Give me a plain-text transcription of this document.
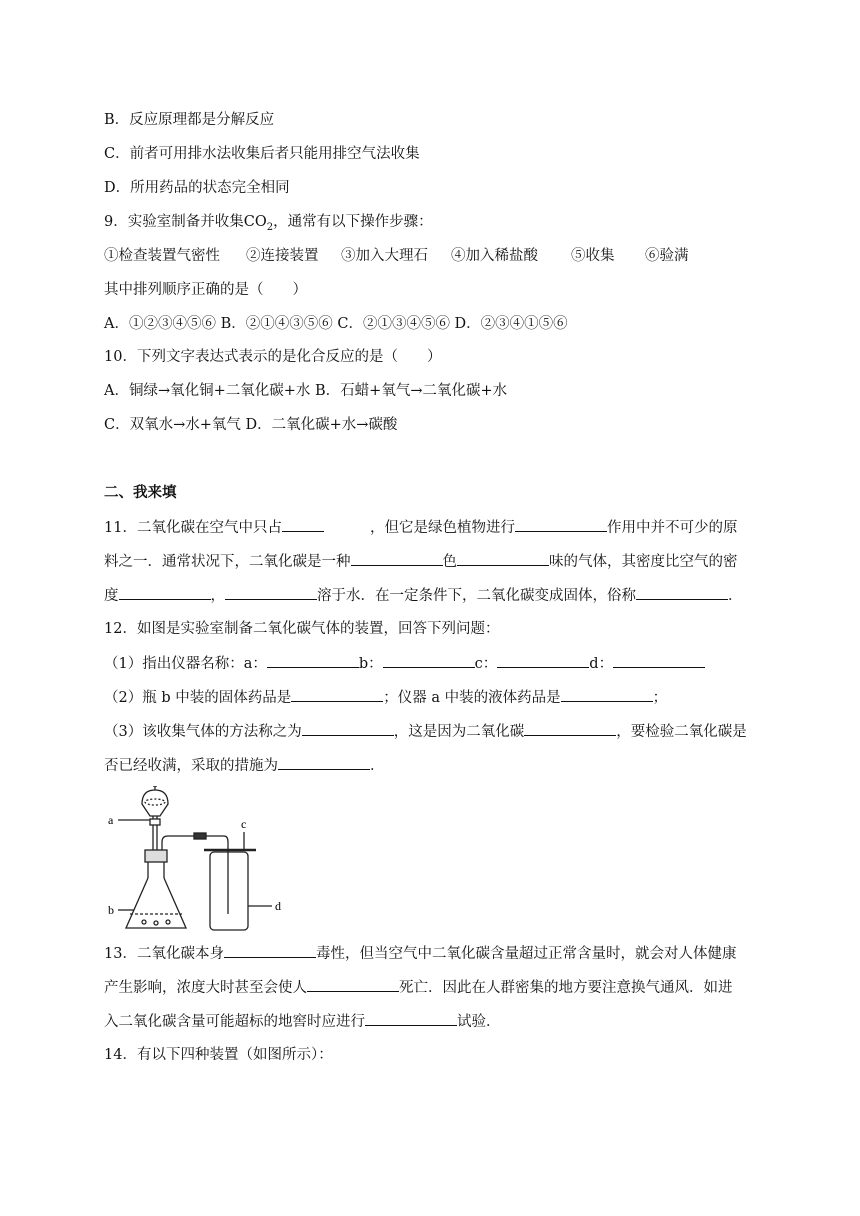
B．反应原理都是分解反应
C．前者可用排水法收集后者只能用排空气法收集
D．所用药品的状态完全相同
9．实验室制备并收集$CO_2$，通常有以下操作步骤：
①检查装置气密性 ②连接装置 ③加入大理石 ④加入稀盐酸 ⑤收集 ⑥验满
其中排列顺序正确的是（　　）
A．①②③④⑤⑥ B．②①④③⑤⑥ C．②①③④⑤⑥ D．②③④①⑤⑥
10．下列文字表达式表示的是化合反应的是（　　）
A．铜绿→氧化铜+二氧化碳+水 B．石蜡+氧气→二氧化碳+水
C．双氧水→水+氧气 D．二氧化碳+水→碳酸
二、我来填
11．二氧化碳在空气中只占	，但它是绿色植物进行	作用中并不可少的原
料之一．通常状况下，二氧化碳是一种	色	味的气体，其密度比空气的密
度	，	溶于水．在一定条件下，二氧化碳变成固体，俗称	．
12．如图是实验室制备二氧化碳气体的装置，回答下列问题：
（1）指出仪器名称：a：	b：	c：	d：
（2）瓶 b 中装的固体药品是	；仪器 a 中装的液体药品是	；
（3）该收集气体的方法称之为	，这是因为二氧化碳	，要检验二氧化碳是
否已经收满，采取的措施为	．
a
b
c
d
13．二氧化碳本身	毒性，但当空气中二氧化碳含量超过正常含量时，就会对人体健康
产生影响，浓度大时甚至会使人	死亡．因此在人群密集的地方要注意换气通风．如进
入二氧化碳含量可能超标的地窖时应进行	试验．
14．有以下四种装置（如图所示）：
